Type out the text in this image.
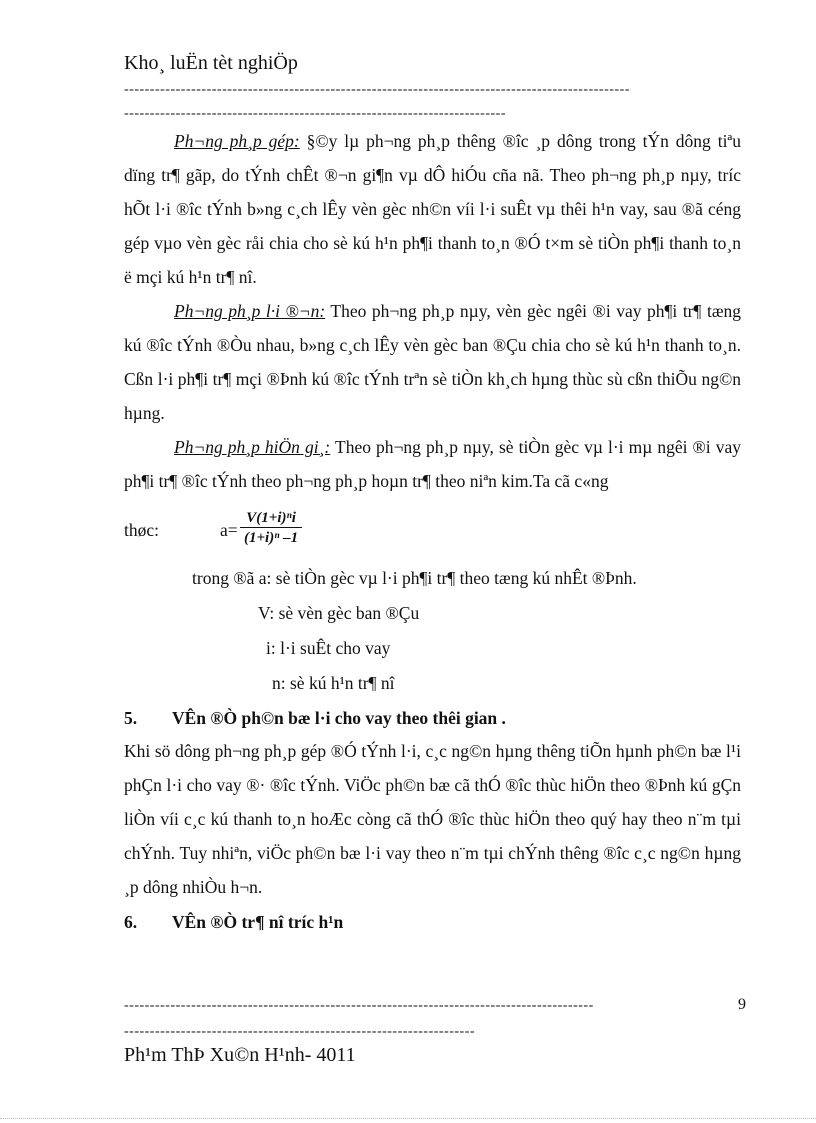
Kho¸ luËn tèt nghiÖp
--------------------------------------------------------------------------------------------------
--------------------------------------------------------------------------
Ph¬ng ph¸p gép: §©y lµ ph¬ng ph¸p thêng ®îc ¸p dông trong tÝn dông tiªu dïng tr¶ gãp, do tÝnh chÊt ®¬n gi¶n vµ dÔ hiÓu cña nã. Theo ph¬ng ph¸p nµy, tríc hÕt l·i ®îc tÝnh b»ng c¸ch lÊy vèn gèc nh©n víi l·i suÊt vµ thêi h¹n vay, sau ®ã céng gép vµo vèn gèc råi chia cho sè kú h¹n ph¶i thanh to¸n ®Ó t×m sè tiÒn ph¶i thanh to¸n ë mçi kú h¹n tr¶ nî.
Ph¬ng ph¸p l·i ®¬n: Theo ph¬ng ph¸p nµy, vèn gèc ngêi ®i vay ph¶i tr¶ tæng kú ®îc tÝnh ®Òu nhau, b»ng c¸ch lÊy vèn gèc ban ®Çu chia cho sè kú h¹n thanh to¸n. Cßn l·i ph¶i tr¶ mçi ®Þnh kú ®îc tÝnh trªn sè tiÒn kh¸ch hµng thùc sù cßn thiÕu ng©n hµng.
Ph¬ng ph¸p hiÖn gi¸: Theo ph¬ng ph¸p nµy, sè tiÒn gèc vµ l·i mµ ngêi ®i vay ph¶i tr¶ ®îc tÝnh theo ph¬ng ph¸p hoµn tr¶ theo niªn kim.Ta cã c«ng
thøc:	$a= \frac{\text{V(1+i)ⁿi}}{\text{(1+i)ⁿ –1}}$
trong ®ã a: sè tiÒn gèc vµ l·i ph¶i tr¶ theo tæng kú nhÊt ®Þnh.
V: sè vèn gèc ban ®Çu
i: l·i suÊt cho vay
n: sè kú h¹n tr¶ nî
5. VÊn ®Ò ph©n bæ l·i cho vay theo thêi gian .
Khi sö dông ph¬ng ph¸p gép ®Ó tÝnh l·i, c¸c ng©n hµng thêng tiÕn hµnh ph©n bæ l¹i phÇn l·i cho vay ®· ®îc tÝnh. ViÖc ph©n bæ cã thÓ ®îc thùc hiÖn theo ®Þnh kú gÇn liÒn víi c¸c kú thanh to¸n hoÆc còng cã thÓ ®îc thùc hiÖn theo quý hay theo n¨m tµi chÝnh. Tuy nhiªn, viÖc ph©n bæ l·i vay theo n¨m tµi chÝnh thêng ®îc c¸c ng©n hµng ¸p dông nhiÒu h¬n.
6. VÊn ®Ò tr¶ nî tríc h¹n
-------------------------------------------------------------------------------------------	9
--------------------------------------------------------------------
Ph¹m ThÞ Xu©n H¹nh- 4011
